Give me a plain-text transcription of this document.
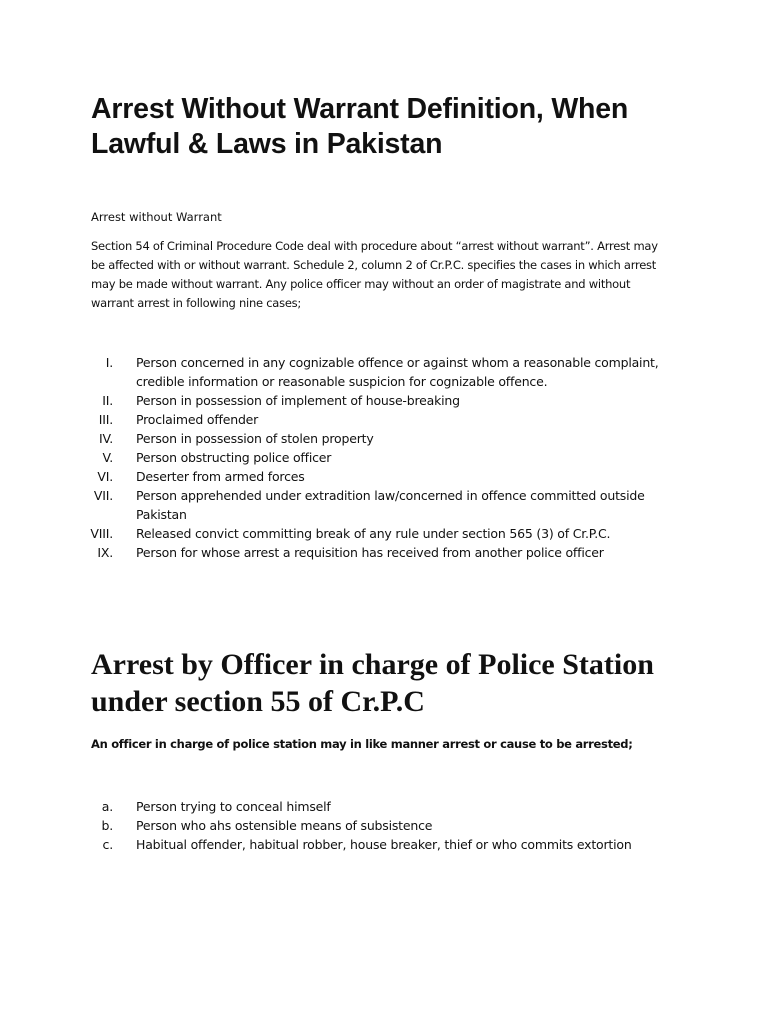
Arrest Without Warrant Definition, When Lawful & Laws in Pakistan

Arrest without Warrant

Section 54 of Criminal Procedure Code deal with procedure about “arrest without warrant”. Arrest may be affected with or without warrant. Schedule 2, column 2 of Cr.P.C. specifies the cases in which arrest may be made without warrant. Any police officer may without an order of magistrate and without warrant arrest in following nine cases;

I. Person concerned in any cognizable offence or against whom a reasonable complaint, credible information or reasonable suspicion for cognizable offence.
II. Person in possession of implement of house-breaking
III. Proclaimed offender
IV. Person in possession of stolen property
V. Person obstructing police officer
VI. Deserter from armed forces
VII. Person apprehended under extradition law/concerned in offence committed outside Pakistan
VIII. Released convict committing break of any rule under section 565 (3) of Cr.P.C.
IX. Person for whose arrest a requisition has received from another police officer
Arrest by Officer in charge of Police Station under section 55 of Cr.P.C

An officer in charge of police station may in like manner arrest or cause to be arrested;

a. Person trying to conceal himself
b. Person who ahs ostensible means of subsistence
c. Habitual offender, habitual robber, house breaker, thief or who commits extortion
